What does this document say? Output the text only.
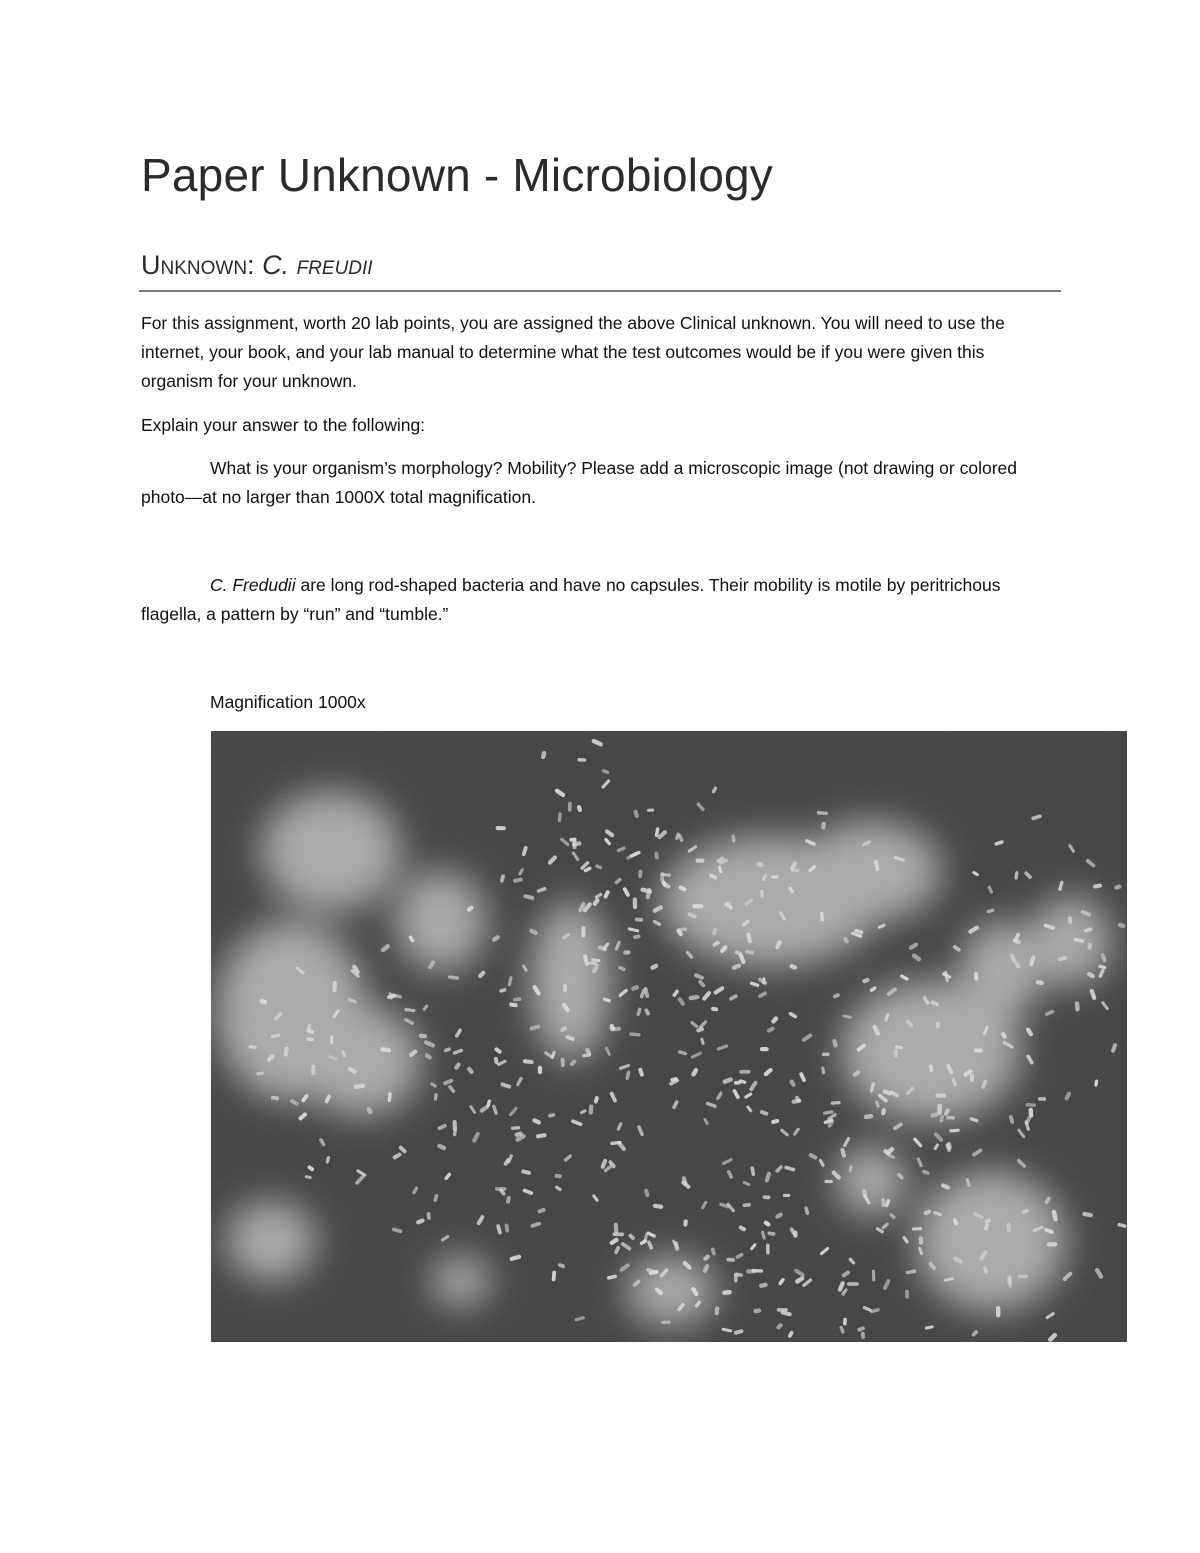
Paper Unknown - Microbiology
Unknown: C. freudii

For this assignment, worth 20 lab points, you are assigned the above Clinical unknown. You will need to use the internet, your book, and your lab manual to determine what the test outcomes would be if you were given this organism for your unknown.

Explain your answer to the following:

What is your organism’s morphology? Mobility? Please add a microscopic image (not drawing or colored photo—at no larger than 1000X total magnification.

C. Fredudii are long rod-shaped bacteria and have no capsules. Their mobility is motile by peritrichous flagella, a pattern by “run” and “tumble.”

Magnification 1000x
